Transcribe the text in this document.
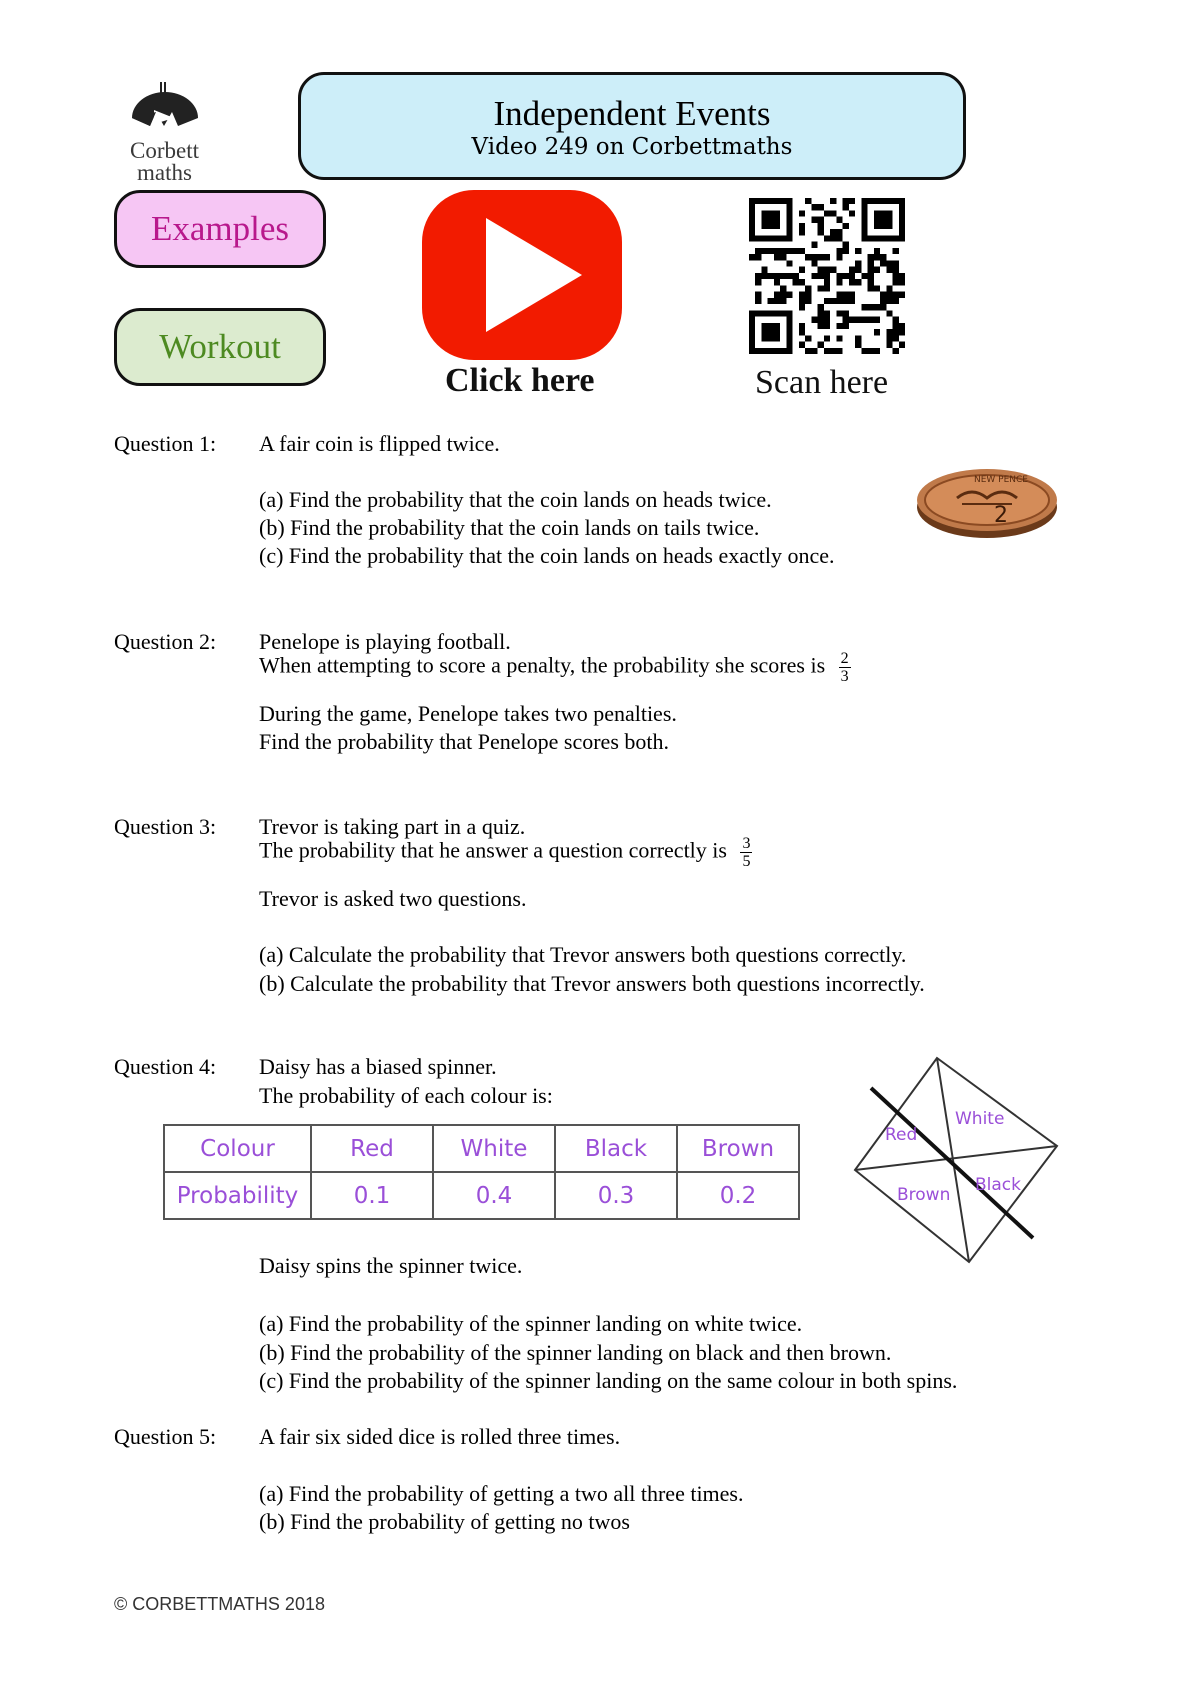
Corbett
maths
Independent Events
Video 249 on Corbettmaths
Examples
Workout
Click here	Scan here
Question 1: A fair coin is flipped twice.
(a) Find the probability that the coin lands on heads twice.
(b) Find the probability that the coin lands on tails twice.
(c) Find the probability that the coin lands on heads exactly once.
NEW PENCE
2
Question 2: Penelope is playing football.
When attempting to score a penalty, the probability she scores is $\frac{2}{3}$
During the game, Penelope takes two penalties.
Find the probability that Penelope scores both.
Question 3: Trevor is taking part in a quiz.
The probability that he answer a question correctly is $\frac{3}{5}$
Trevor is asked two questions.
(a) Calculate the probability that Trevor answers both questions correctly.
(b) Calculate the probability that Trevor answers both questions incorrectly.
Question 4: Daisy has a biased spinner.
The probability of each colour is:
Colour	Red	White	Black	Brown
Probability	0.1	0.4	0.3	0.2
Red
White
Black
Brown
Daisy spins the spinner twice.
(a) Find the probability of the spinner landing on white twice.
(b) Find the probability of the spinner landing on black and then brown.
(c) Find the probability of the spinner landing on the same colour in both spins.
Question 5: A fair six sided dice is rolled three times.
(a) Find the probability of getting a two all three times.
(b) Find the probability of getting no twos
© CORBETTMATHS 2018
